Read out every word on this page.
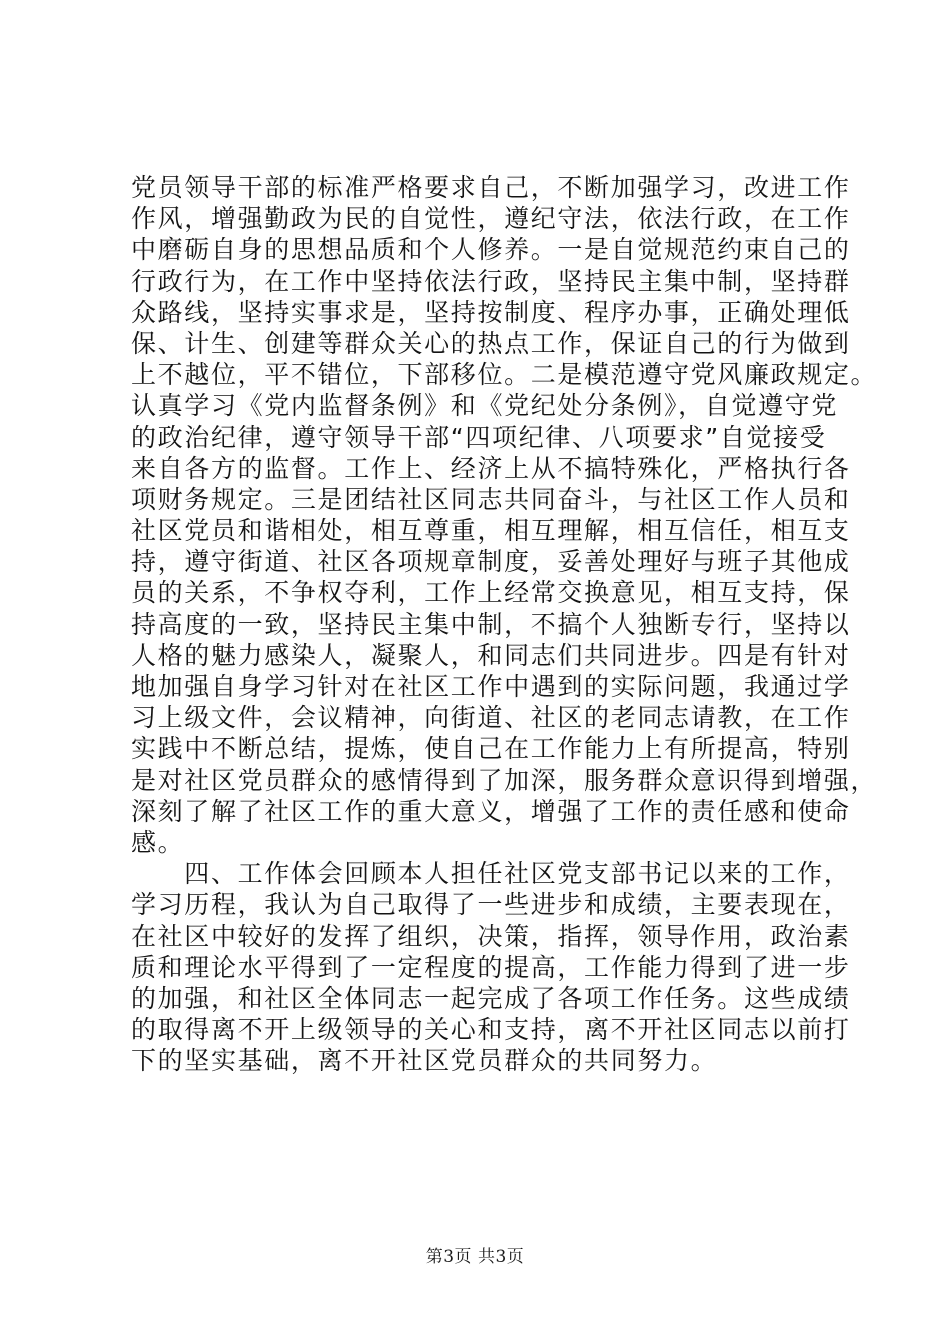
党员领导干部的标准严格要求自己，不断加强学习，改进工作
作风，增强勤政为民的自觉性，遵纪守法，依法行政，在工作
中磨砺自身的思想品质和个人修养。一是自觉规范约束自己的
行政行为，在工作中坚持依法行政，坚持民主集中制，坚持群
众路线，坚持实事求是，坚持按制度、程序办事，正确处理低
保、计生、创建等群众关心的热点工作，保证自己的行为做到
上不越位，平不错位，下部移位。二是模范遵守党风廉政规定。
认真学习《党内监督条例》和《党纪处分条例》，自觉遵守党
的政治纪律，遵守领导干部“四项纪律、八项要求”自觉接受
来自各方的监督。工作上、经济上从不搞特殊化，严格执行各
项财务规定。三是团结社区同志共同奋斗，与社区工作人员和
社区党员和谐相处，相互尊重，相互理解，相互信任，相互支
持，遵守街道、社区各项规章制度，妥善处理好与班子其他成
员的关系，不争权夺利，工作上经常交换意见，相互支持，保
持高度的一致，坚持民主集中制，不搞个人独断专行，坚持以
人格的魅力感染人，凝聚人，和同志们共同进步。四是有针对
地加强自身学习针对在社区工作中遇到的实际问题，我通过学
习上级文件，会议精神，向街道、社区的老同志请教，在工作
实践中不断总结，提炼，使自己在工作能力上有所提高，特别
是对社区党员群众的感情得到了加深，服务群众意识得到增强，
深刻了解了社区工作的重大意义，增强了工作的责任感和使命
感。
　　四、工作体会回顾本人担任社区党支部书记以来的工作，
学习历程，我认为自己取得了一些进步和成绩，主要表现在，
在社区中较好的发挥了组织，决策，指挥，领导作用，政治素
质和理论水平得到了一定程度的提高，工作能力得到了进一步
的加强，和社区全体同志一起完成了各项工作任务。这些成绩
的取得离不开上级领导的关心和支持，离不开社区同志以前打
下的坚实基础，离不开社区党员群众的共同努力。
第3页 共3页
